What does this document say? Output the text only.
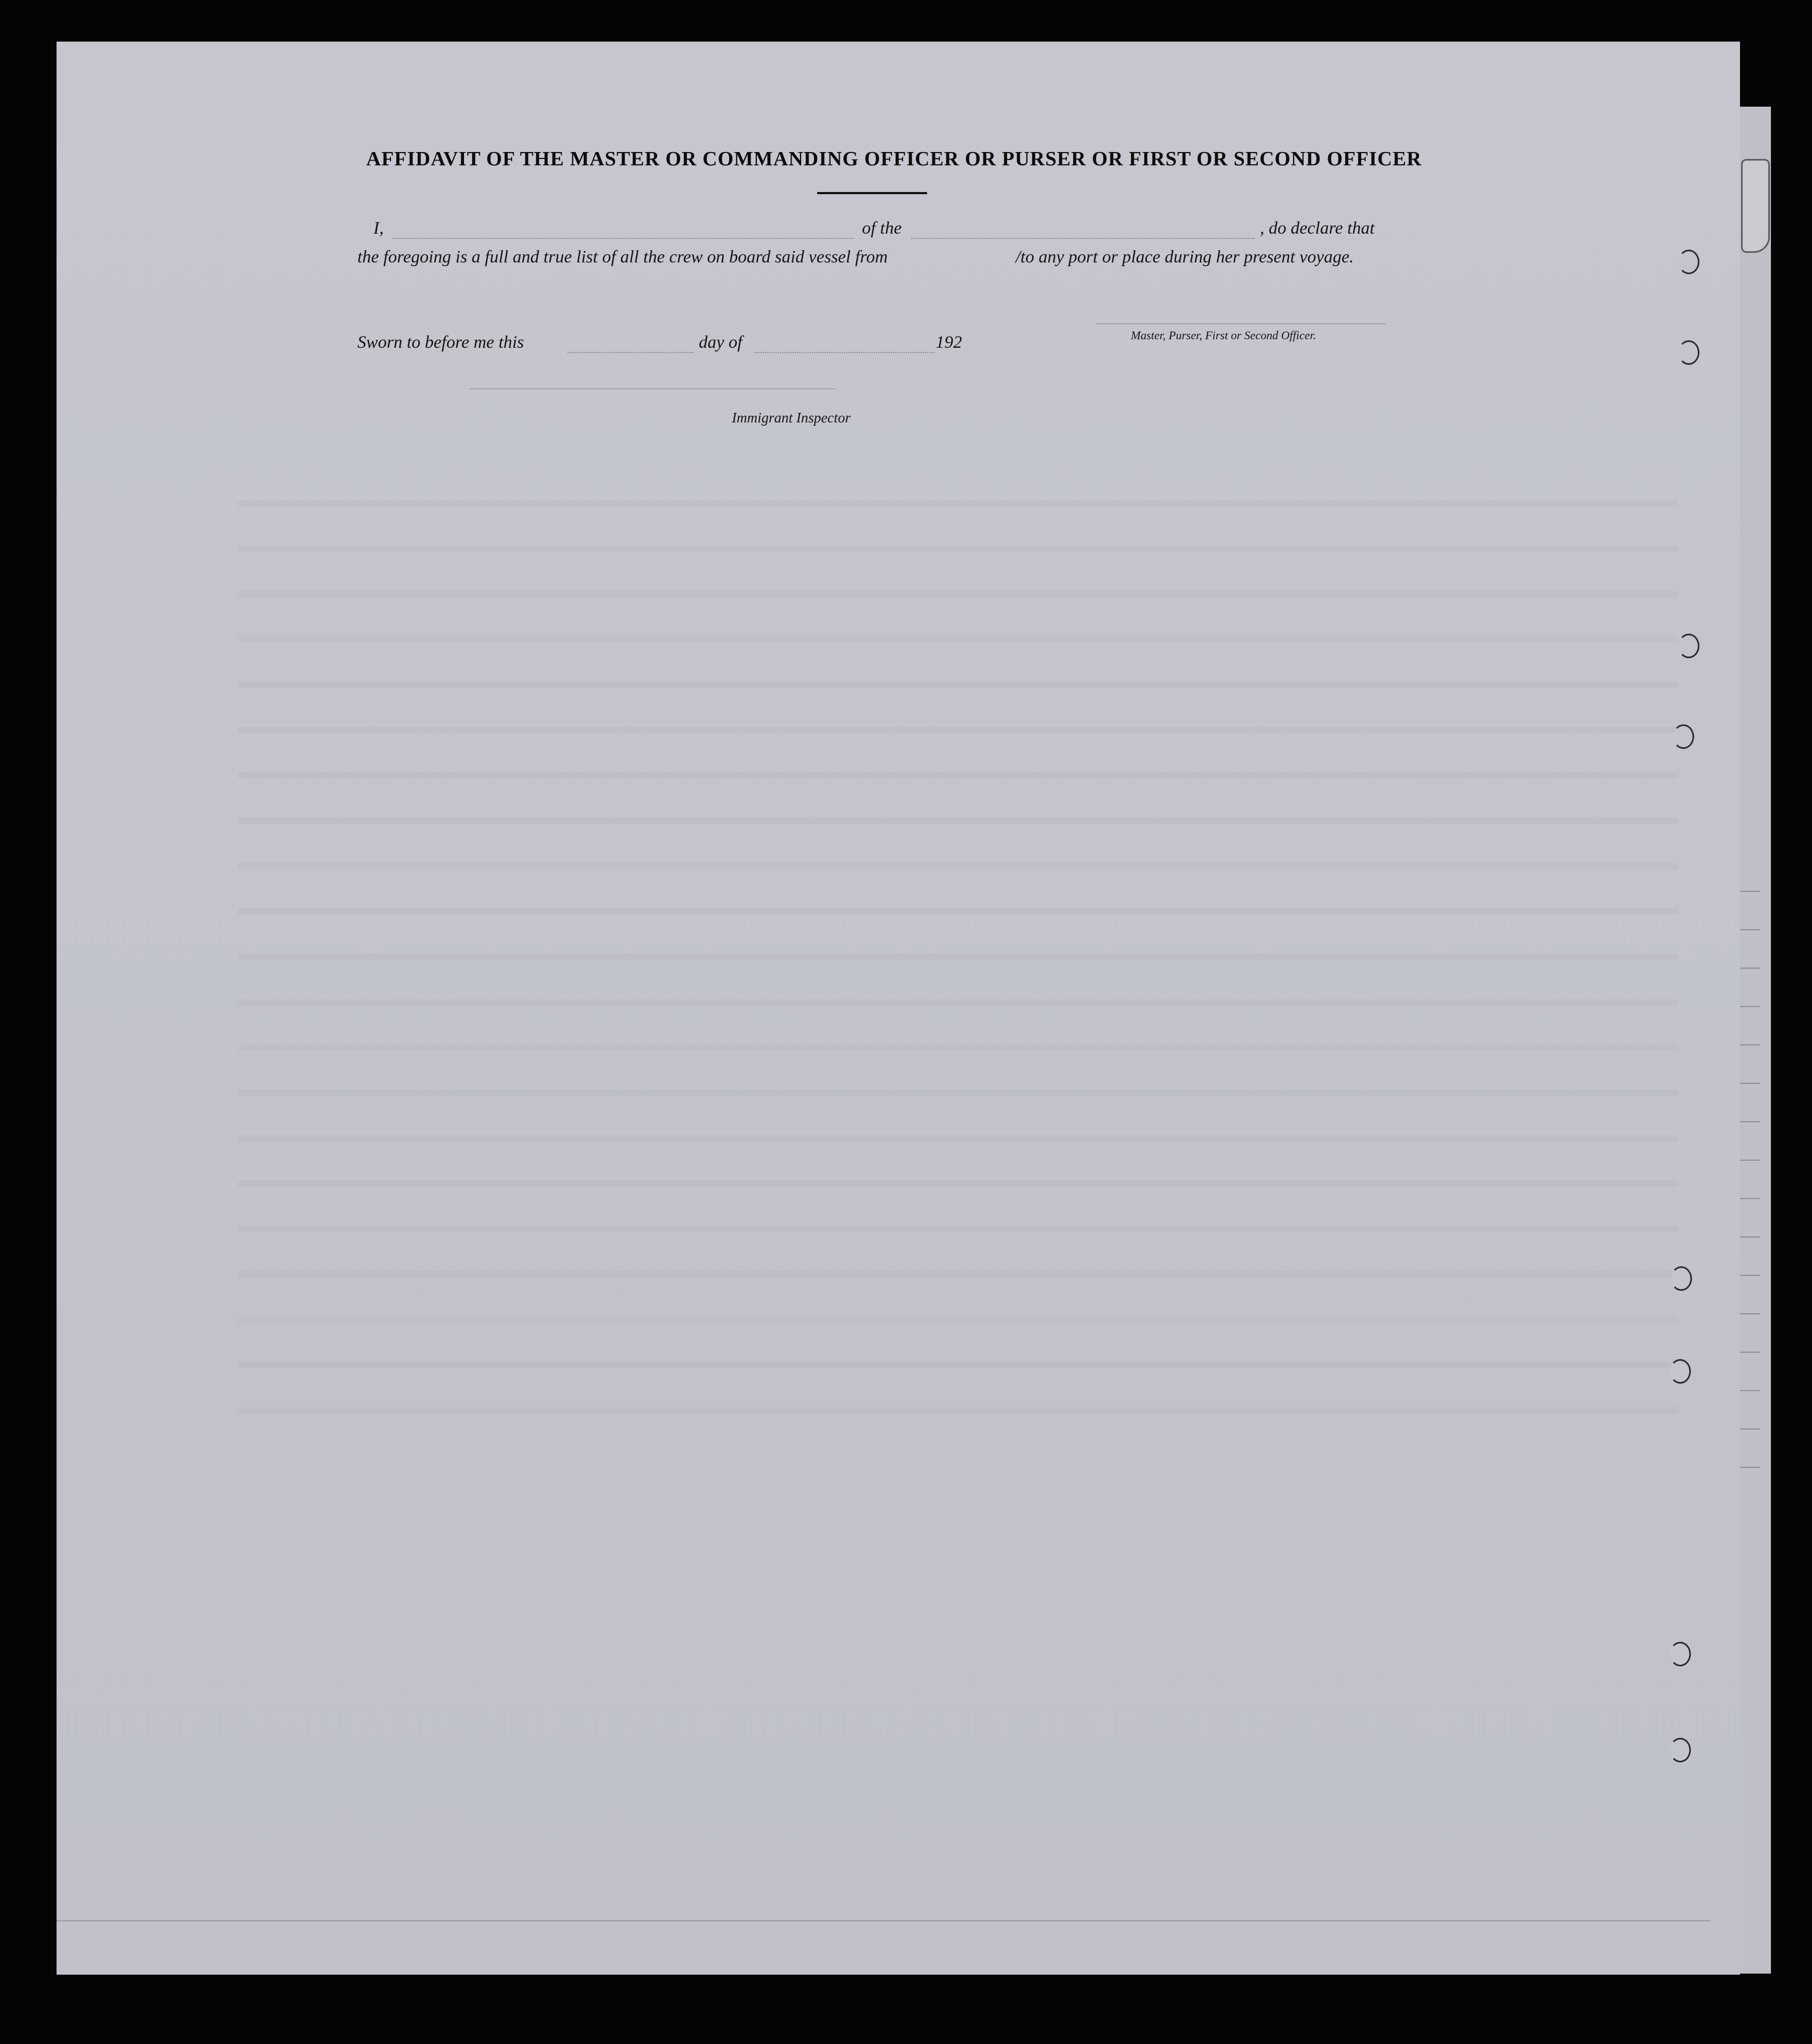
AFFIDAVIT OF THE MASTER OR COMMANDING OFFICER OR PURSER OR FIRST OR SECOND OFFICER
I,	of the	, do declare that
the foregoing is a full and true list of all the crew on board said vessel from	/to any port or place during her present voyage.
Sworn to before me this	day of	192	Master, Purser, First or Second Officer.
Immigrant Inspector
